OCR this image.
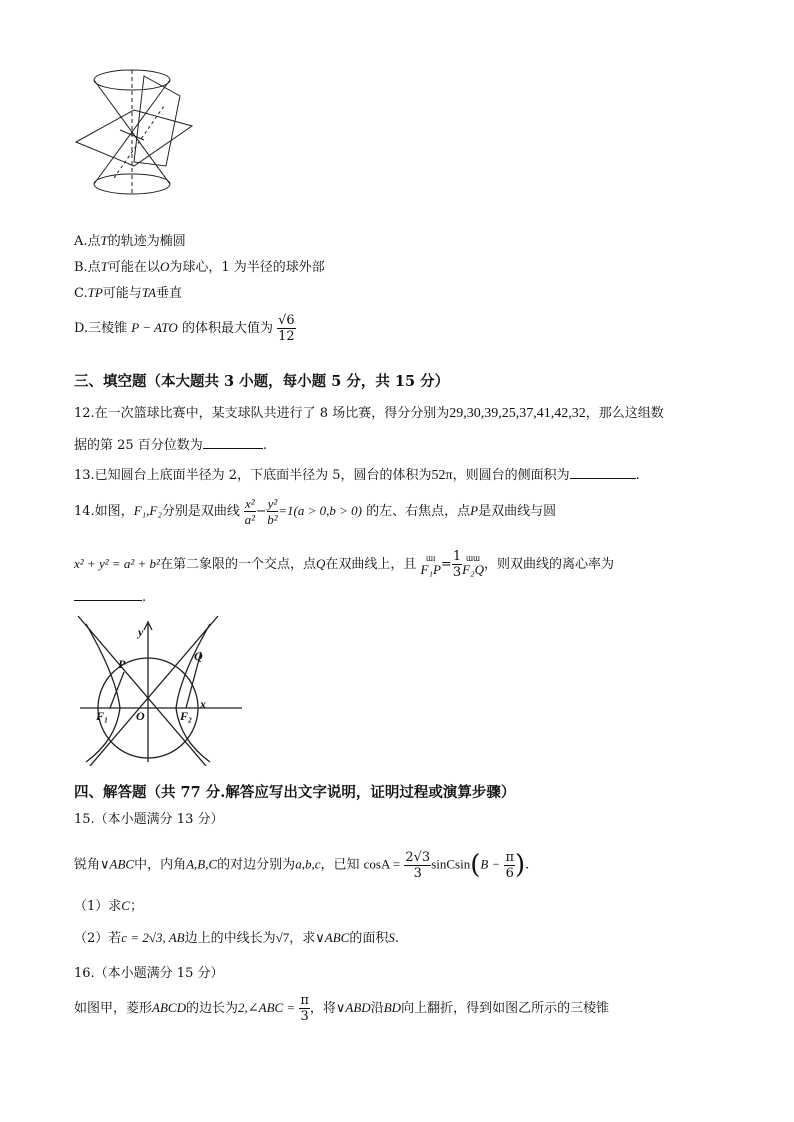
A.点T的轨迹为椭圆
B.点T可能在以O为球心，1 为半径的球外部
C.TP可能与TA垂直
D.三棱锥 P − ATO 的体积最大值为 $\frac{√6}{12}$
三、填空题（本大题共 3 小题，每小题 5 分，共 15 分）
12.在一次篮球比赛中，某支球队共进行了 8 场比赛，得分分别为29,30,39,25,37,41,42,32，那么这组数
据的第 25 百分位数为	.
13.已知圆台上底面半径为 2，下底面半径为 5，圆台的体积为52π，则圆台的侧面积为	.
14.如图，F₁,F₂分别是双曲线 $\frac{\text{x²}}{\text{a²}} - \frac{\text{y²}}{\text{b²}} =1(a > 0,b > 0)$ 的左、右焦点，点P是双曲线与圆
x² + y² = a² + b²在第二象限的一个交点，点Q在双曲线上，且	ɯɪ
$F_1P= \frac{1}{3}$ ɯɯ
F₂Q，则双曲线的离心率为
.
y
x
P
Q
O
F₁	F₂
四、解答题（共 77 分.解答应写出文字说明，证明过程或演算步骤）
15.（本小题满分 13 分）
锐角∨ABC中，内角A,B,C的对边分别为a,b,c，已知 $\cos A = \frac{2√3}{3}$ sinCsin(B − $\frac{\pi}{6}$ ).
（1）求C；
（2）若c = 2√3, AB边上的中线长为√7，求∨ABC的面积S.
16.（本小题满分 15 分）
如图甲，菱形ABCD的边长为2,∠ABC = $\frac{\pi}{3}$ ，将∨ABD沿BD向上翻折，得到如图乙所示的三棱锥
